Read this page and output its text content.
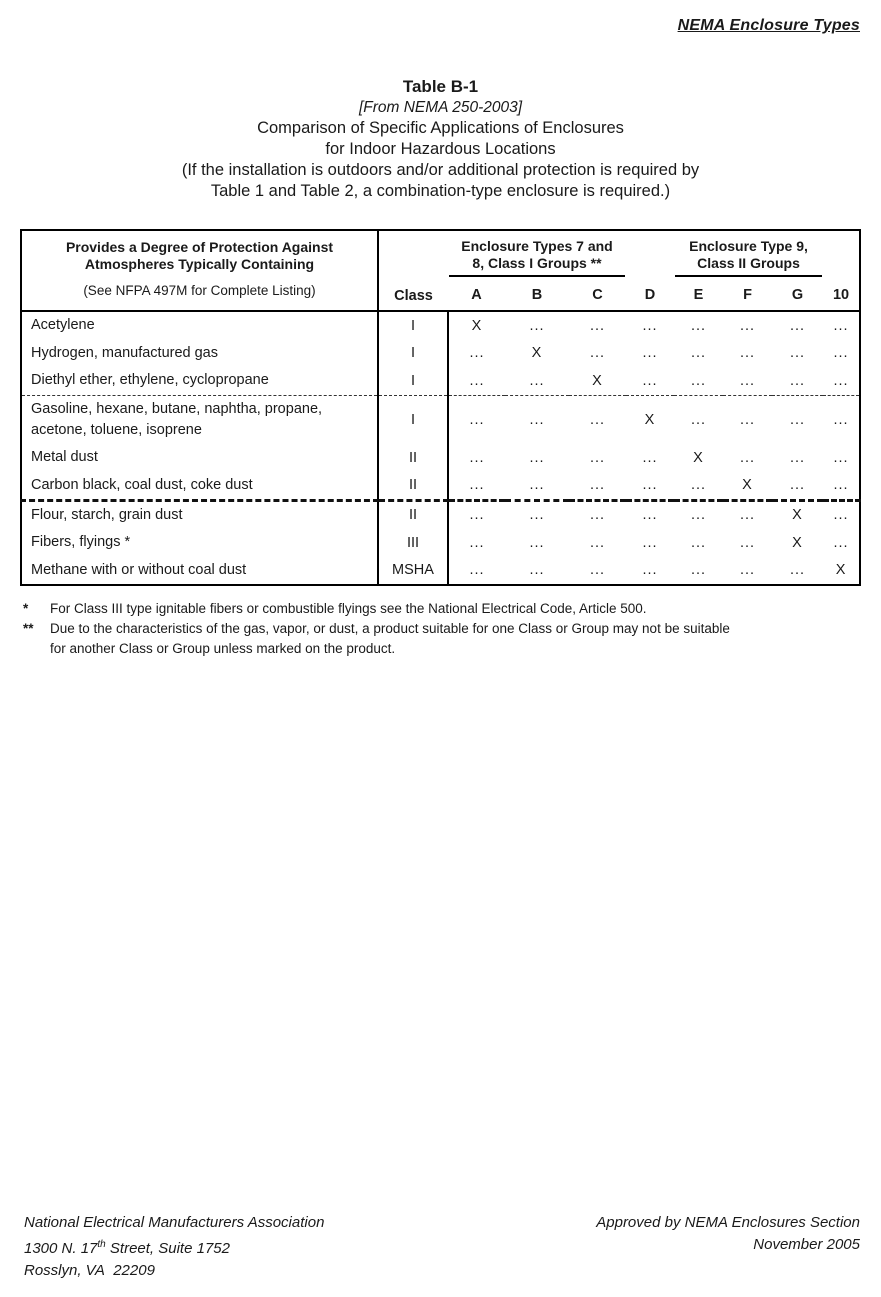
NEMA Enclosure Types
Table B-1
[From NEMA 250-2003]
Comparison of Specific Applications of Enclosures
for Indoor Hazardous Locations
(If the installation is outdoors and/or additional protection is required by
Table 1 and Table 2, a combination-type enclosure is required.)
Provides a Degree of Protection Against
Atmospheres Typically Containing
(See NFPA 497M for Complete Listing)	Class	
Enclosure Types 7 and
8, Class I Groups **

Enclosure Type 9,
Class II Groups

		A	B	C	D	E	F	G	10
Acetylene	I	X	...	...	...	...	...	...	...
Hydrogen, manufactured gas	I	...	X	...	...	...	...	...	...
Diethyl ether, ethylene, cyclopropane	I	...	...	X	...	...	...	...	...
Gasoline, hexane, butane, naphtha, propane, acetone, toluene, isoprene	I	...	...	...	X	...	...	...	...
Metal dust	II	...	...	...	...	X	...	...	...
Carbon black, coal dust, coke dust	II	...	...	...	...	...	X	...	...
Flour, starch, grain dust	II	...	...	...	...	...	...	X	...
Fibers, flyings *	III	...	...	...	...	...	...	X	...
Methane with or without coal dust	MSHA	...	...	...	...	...	...	...	X
*	For Class III type ignitable fibers or combustible flyings see the National Electrical Code, Article 500.
**	Due to the characteristics of the gas, vapor, or dust, a product suitable for one Class or Group may not be suitable
for another Class or Group unless marked on the product.
National Electrical Manufacturers Association
1300 N. 17th Street, Suite 1752
Rosslyn, VA  22209
Approved by NEMA Enclosures Section
November 2005
